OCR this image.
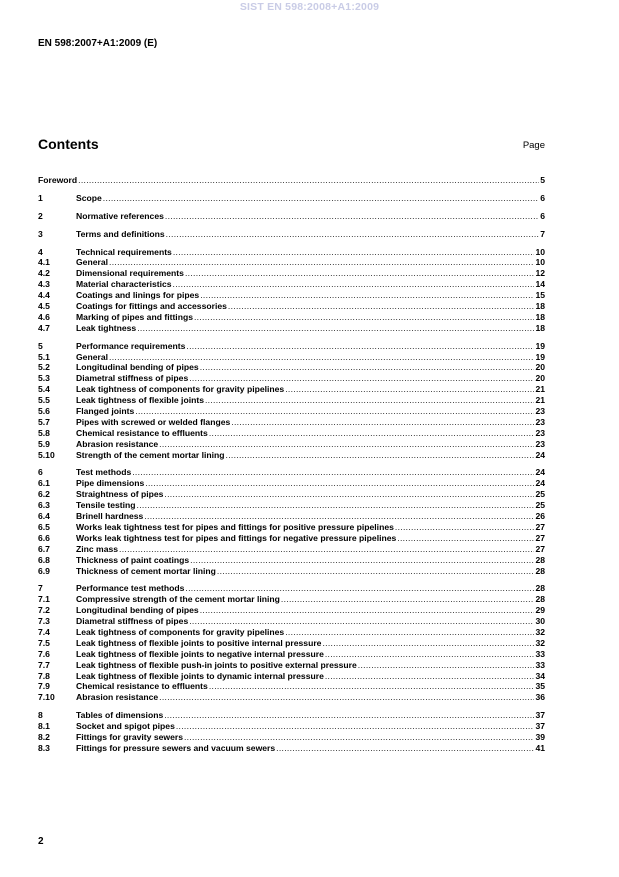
SIST EN 598:2008+A1:2009
EN 598:2007+A1:2009 (E)
Contents	Page
Foreword .....	5
1	Scope .....	6
2	Normative references .....	6
3	Terms and definitions .....	7
4	Technical requirements .....	10
4.1	General .....	10
4.2	Dimensional requirements .....	12
4.3	Material characteristics .....	14
4.4	Coatings and linings for pipes .....	15
4.5	Coatings for fittings and accessories .....	18
4.6	Marking of pipes and fittings .....	18
4.7	Leak tightness .....	18
5	Performance requirements .....	19
5.1	General .....	19
5.2	Longitudinal bending of pipes .....	20
5.3	Diametral stiffness of pipes .....	20
5.4	Leak tightness of components for gravity pipelines .....	21
5.5	Leak tightness of flexible joints .....	21
5.6	Flanged joints .....	23
5.7	Pipes with screwed or welded flanges .....	23
5.8	Chemical resistance to effluents .....	23
5.9	Abrasion resistance .....	23
5.10	Strength of the cement mortar lining .....	24
6	Test methods .....	24
6.1	Pipe dimensions .....	24
6.2	Straightness of pipes .....	25
6.3	Tensile testing .....	25
6.4	Brinell hardness .....	26
6.5	Works leak tightness test for pipes and fittings for positive pressure pipelines .....	27
6.6	Works leak tightness test for pipes and fittings for negative pressure pipelines .....	27
6.7	Zinc mass .....	27
6.8	Thickness of paint coatings .....	28
6.9	Thickness of cement mortar lining .....	28
7	Performance test methods .....	28
7.1	Compressive strength of the cement mortar lining .....	28
7.2	Longitudinal bending of pipes .....	29
7.3	Diametral stiffness of pipes .....	30
7.4	Leak tightness of components for gravity pipelines .....	32
7.5	Leak tightness of flexible joints to positive internal pressure .....	32
7.6	Leak tightness of flexible joints to negative internal pressure .....	33
7.7	Leak tightness of flexible push-in joints to positive external pressure .....	33
7.8	Leak tightness of flexible joints to dynamic internal pressure .....	34
7.9	Chemical resistance to effluents .....	35
7.10	Abrasion resistance .....	36
8	Tables of dimensions .....	37
8.1	Socket and spigot pipes .....	37
8.2	Fittings for gravity sewers .....	39
8.3	Fittings for pressure sewers and vacuum sewers .....	41
2
